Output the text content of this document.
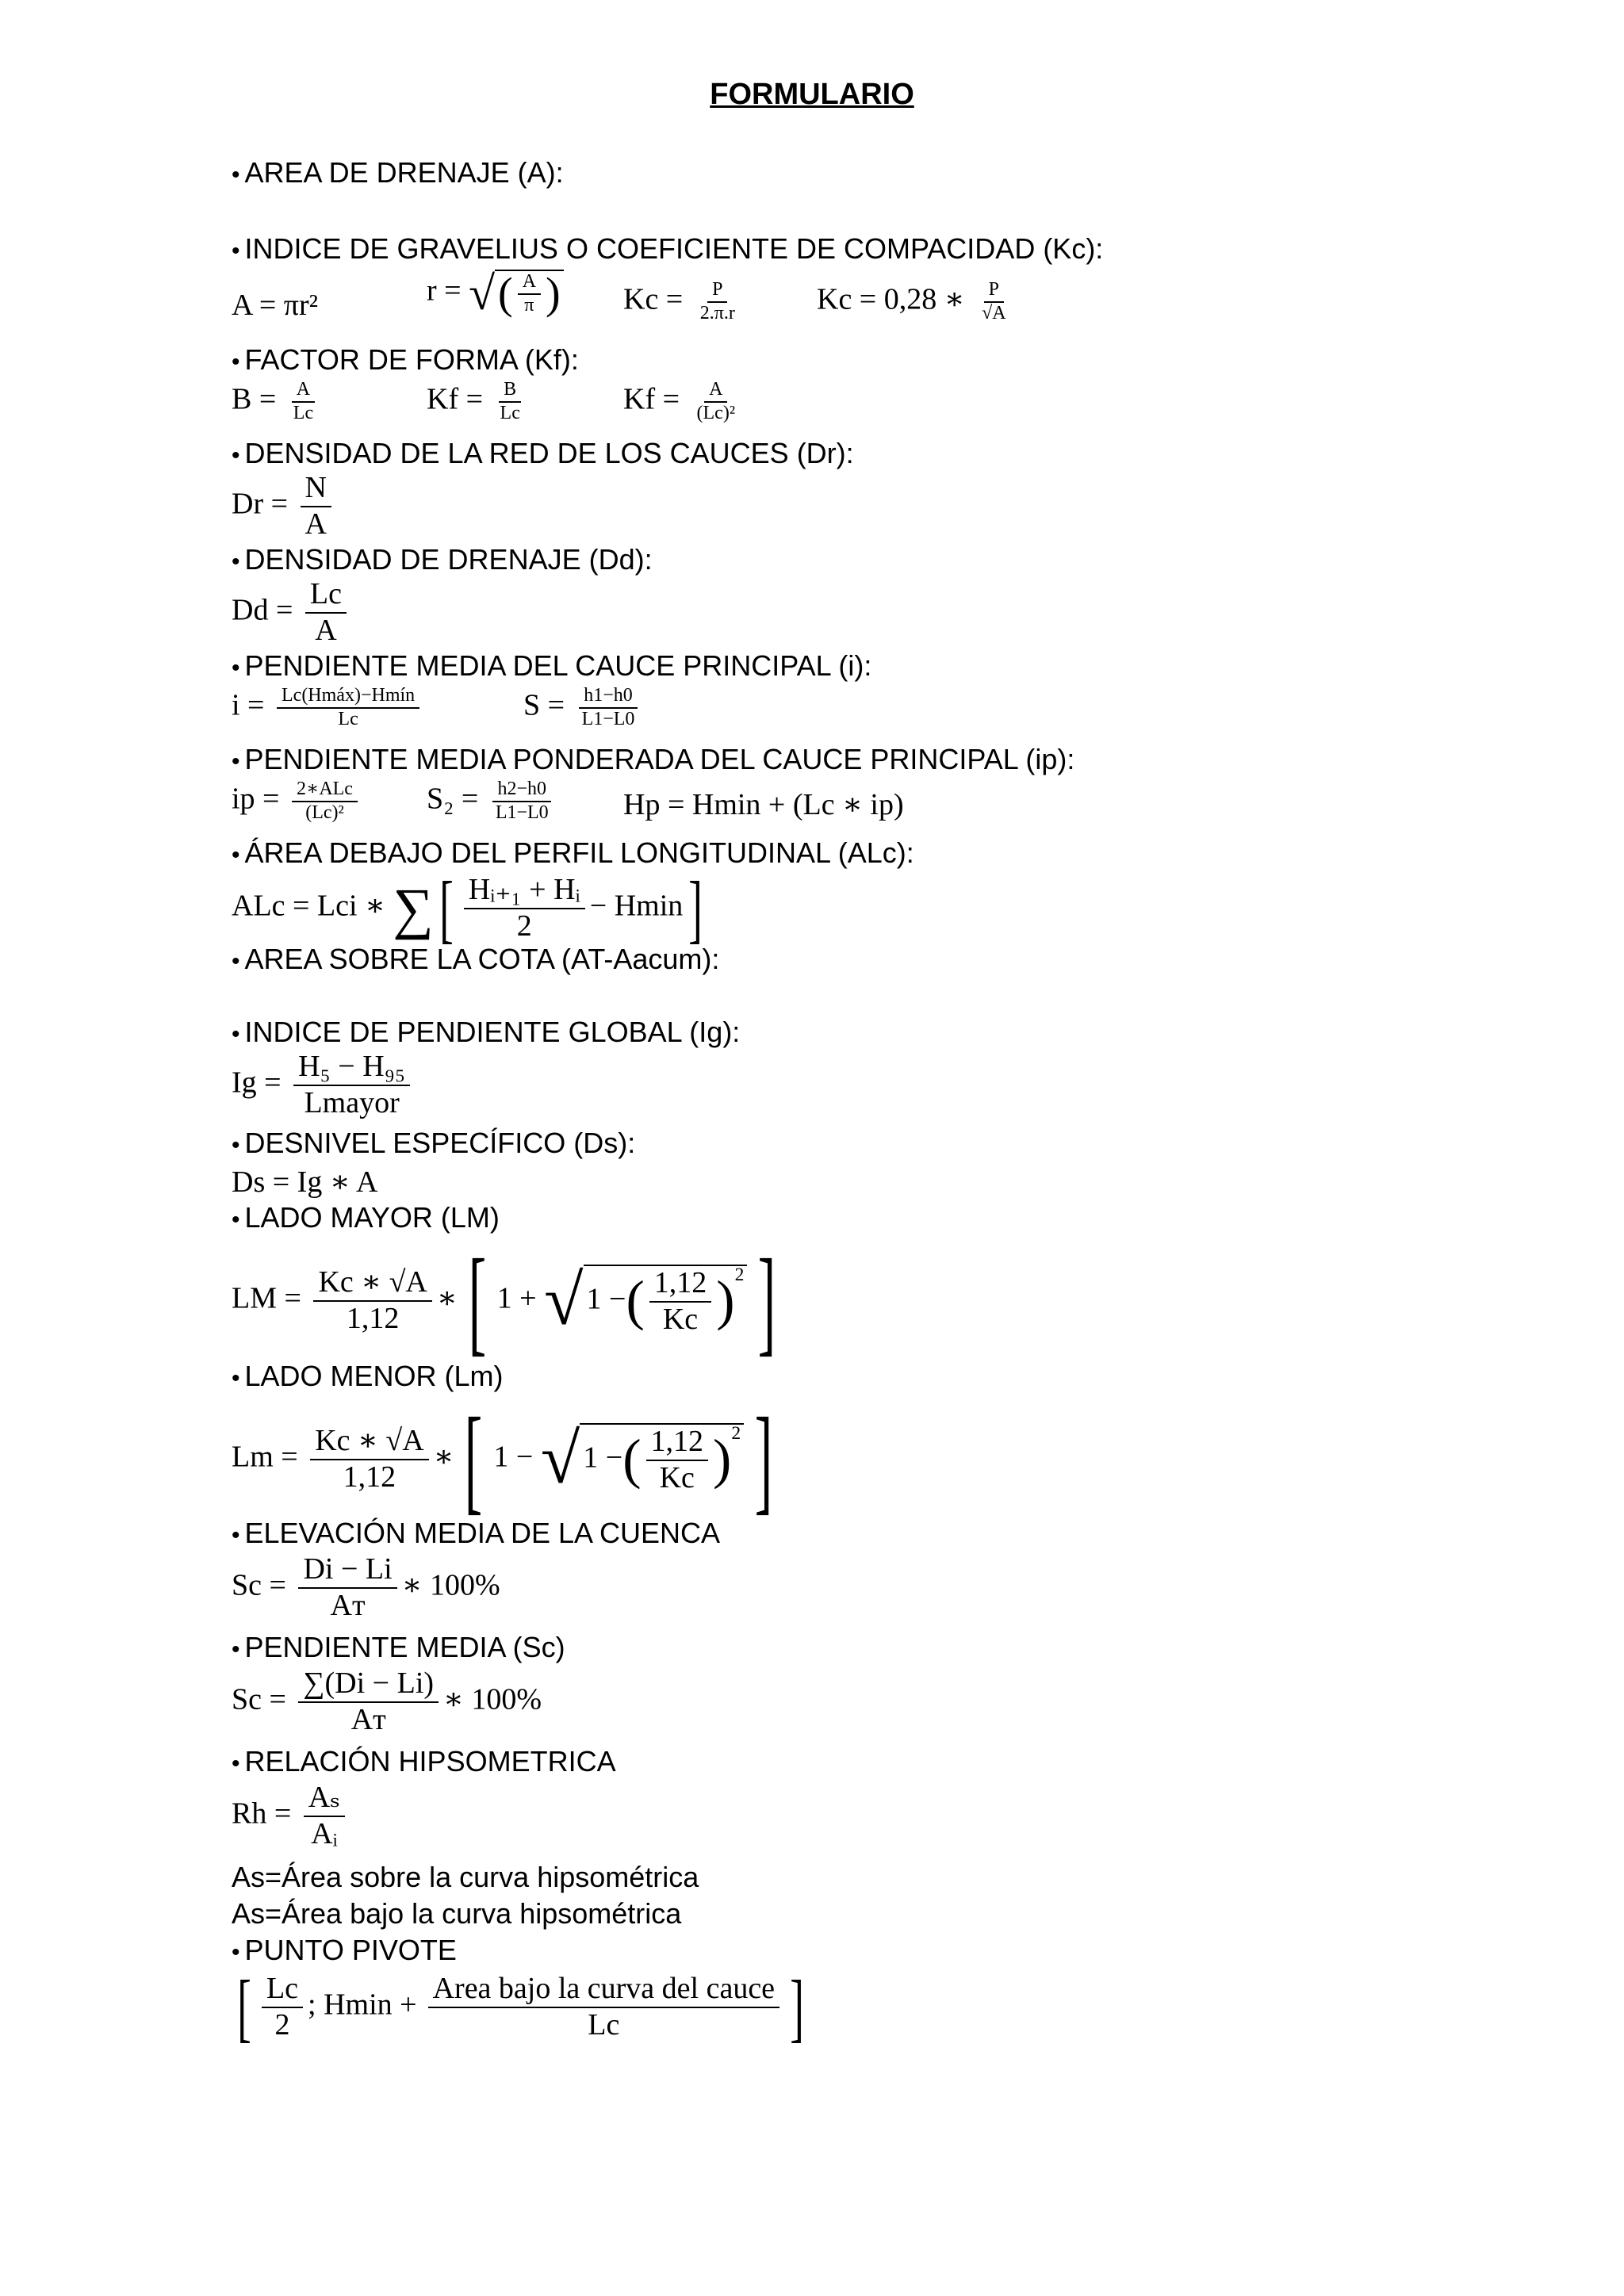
FORMULARIO
• AREA DE DRENAJE (A):
• INDICE DE GRAVELIUS O COEFICIENTE DE COMPACIDAD (Kc):
A = πr²	r = √( $\frac{A}{\pi}$ ) $Kc = \frac{P}{2.\pi.r}$	Kc = 0,28 ∗ $\frac{P}{√A}$
• FACTOR DE FORMA (Kf):
$B = \frac{A}{Lc}$	$Kf = \frac{B}{Lc}$	$Kf = \frac{A}{\text{(Lc)²}}$
• DENSIDAD DE LA RED DE LOS CAUCES (Dr):
$Dr = \frac{N}{A}$
• DENSIDAD DE DRENAJE (Dd):
$Dd = \frac{Lc}{A}$
• PENDIENTE MEDIA DEL CAUCE PRINCIPAL (i):
$i = \frac{\text{Lc(Hmáx)−Hmín}}{Lc}$	$S = \frac{h1-h0}{L1-L0}$
• PENDIENTE MEDIA PONDERADA DEL CAUCE PRINCIPAL (ip):
ip = $\frac{\text{2∗ALc}}{\text{(Lc)²}} S_2 = \frac{h2-h0}{L1-L0}$ Hp = Hmin + (Lc ∗ ip)
• ÁREA DEBAJO DEL PERFIL LONGITUDINAL (ALc):
ALc = Lci ∗ ∑[ $\frac{\text{Hᵢ₊₁ + Hᵢ}}{2} - Hmin$]
• AREA SOBRE LA COTA (AT-Aacum):
• INDICE DE PENDIENTE GLOBAL (Ig):
$Ig = \frac{\text{H₅ − H₉₅}}{\text{Lmayor}}$
• DESNIVEL ESPECÍFICO (Ds):
Ds = Ig ∗ A
• LADO MAYOR (LM)
LM = $\frac{Kc ∗ √A}{1,12}$ ∗[ 1 + √ 1 −( $\frac{1,12}{Kc} )^2$ ]
• LADO MENOR (Lm)
$Lm = \frac{Kc ∗ √A}{1,12}$ ∗[ 1 − √ 1 −( $\frac{1,12}{Kc} )^2$ ]
• ELEVACIÓN MEDIA DE LA CUENCA
$Sc = \frac{Di - Li}{\text{Aᴛ}}$ ∗ 100%
• PENDIENTE MEDIA (Sc)
$Sc = \frac{\sum(Di - Li)}{\text{Aᴛ}}$ ∗ 100%
• RELACIÓN HIPSOMETRICA
$Rh = \frac{\text{Aₛ}}{\text{Aᵢ}}$
As=Área sobre la curva hipsométrica
As=Área bajo la curva hipsométrica
• PUNTO PIVOTE
[ $\frac{Lc}{2}$ ; $Hmin + \frac{\text{Area bajo la curva del cauce}}{Lc}$ ]
